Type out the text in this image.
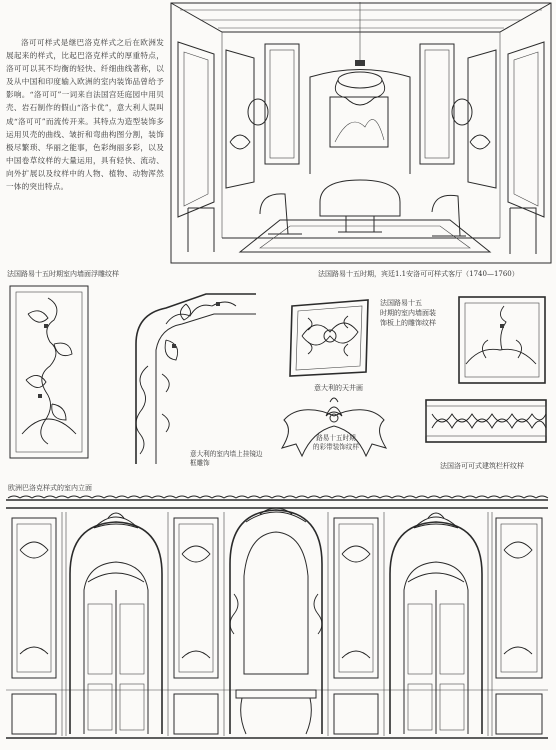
洛可可样式是继巴洛克样式之后在欧洲发展起来的样式，比起巴洛克样式的厚重特点，洛可可以其不均衡的轻快、纤细曲线著称，以及从中国和印度输入欧洲的室内装饰品曾给予影响。“洛可可”一词来自法国宫廷庭园中用贝壳、岩石制作的假山“洛卡优”，意大利人误叫成“洛可可”而流传开来。其特点为造型装饰多运用贝壳的曲线、皱折和弯曲构图分割，装饰极尽繁琐、华丽之能事，色彩绚丽多彩，以及中国卷草纹样的大量运用，具有轻快、流动、向外扩展以及纹样中的人物、植物、动物浑然一体的突出特点。
法国路易十五时期，宾廷1.1安洛可可样式客厅（1740—1760）
法国路易十五时期室内墙面浮雕纹样
意大利的室内墙上挂镜边框雕饰
意大利的天井画
法国路易十五
时期的室内墙面装
饰板上的雕饰纹样
路易十五时期
的彩带装饰纹样
法国洛可可式建筑栏杆纹样
欧洲巴洛克样式的室内立面
